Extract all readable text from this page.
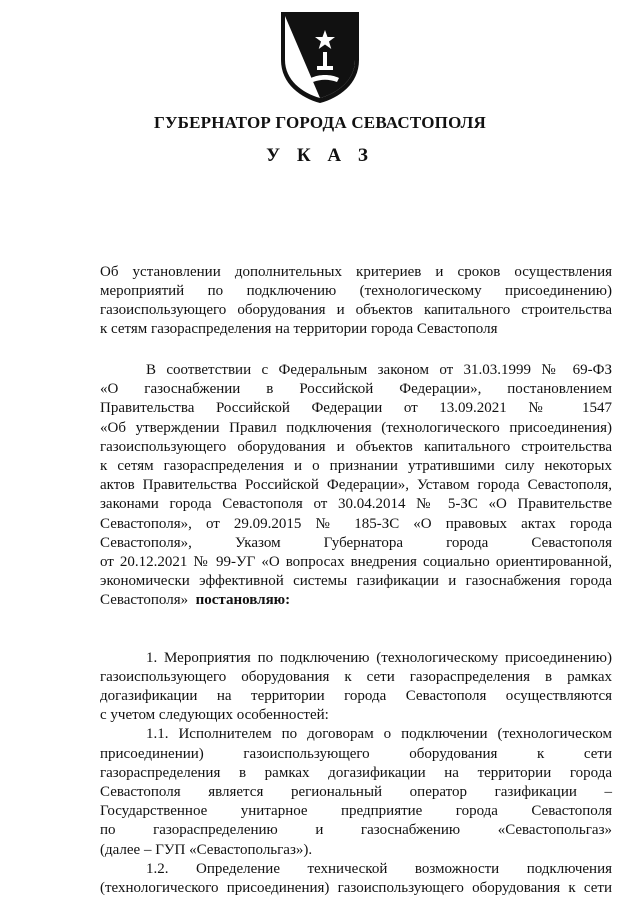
ГУБЕРНАТОР ГОРОДА СЕВАСТОПОЛЯ
У К А З
Об установлении дополнительных критериев и сроков осуществления
мероприятий по подключению (технологическому присоединению)
газоиспользующего оборудования и объектов капитального строительства
к сетям газораспределения на территории города Севастополя

В соответствии с Федеральным законом от 31.03.1999 № 69-ФЗ
«О газоснабжении в Российской Федерации», постановлением
Правительства Российской Федерации от 13.09.2021 № 1547
«Об утверждении Правил подключения (технологического присоединения)
газоиспользующего оборудования и объектов капитального строительства
к сетям газораспределения и о признании утратившими силу некоторых
актов Правительства Российской Федерации», Уставом города Севастополя,
законами города Севастополя от 30.04.2014 № 5-ЗС «О Правительстве
Севастополя», от 29.09.2015 № 185-ЗС «О правовых актах города
Севастополя», Указом Губернатора города Севастополя
от 20.12.2021 № 99-УГ «О вопросах внедрения социально ориентированной,
экономически эффективной системы газификации и газоснабжения города
Севастополя» постановляю:

1. Мероприятия по подключению (технологическому присоединению)
газоиспользующего оборудования к сети газораспределения в рамках
догазификации на территории города Севастополя осуществляются
с учетом следующих особенностей:

1.1. Исполнителем по договорам о подключении (технологическом
присоединении) газоиспользующего оборудования к сети
газораспределения в рамках догазификации на территории города
Севастополя является региональный оператор газификации –
Государственное унитарное предприятие города Севастополя
по газораспределению и газоснабжению «Севастопольгаз»
(далее – ГУП «Севастопольгаз»).

1.2. Определение технической возможности подключения
(технологического присоединения) газоиспользующего оборудования к сети
